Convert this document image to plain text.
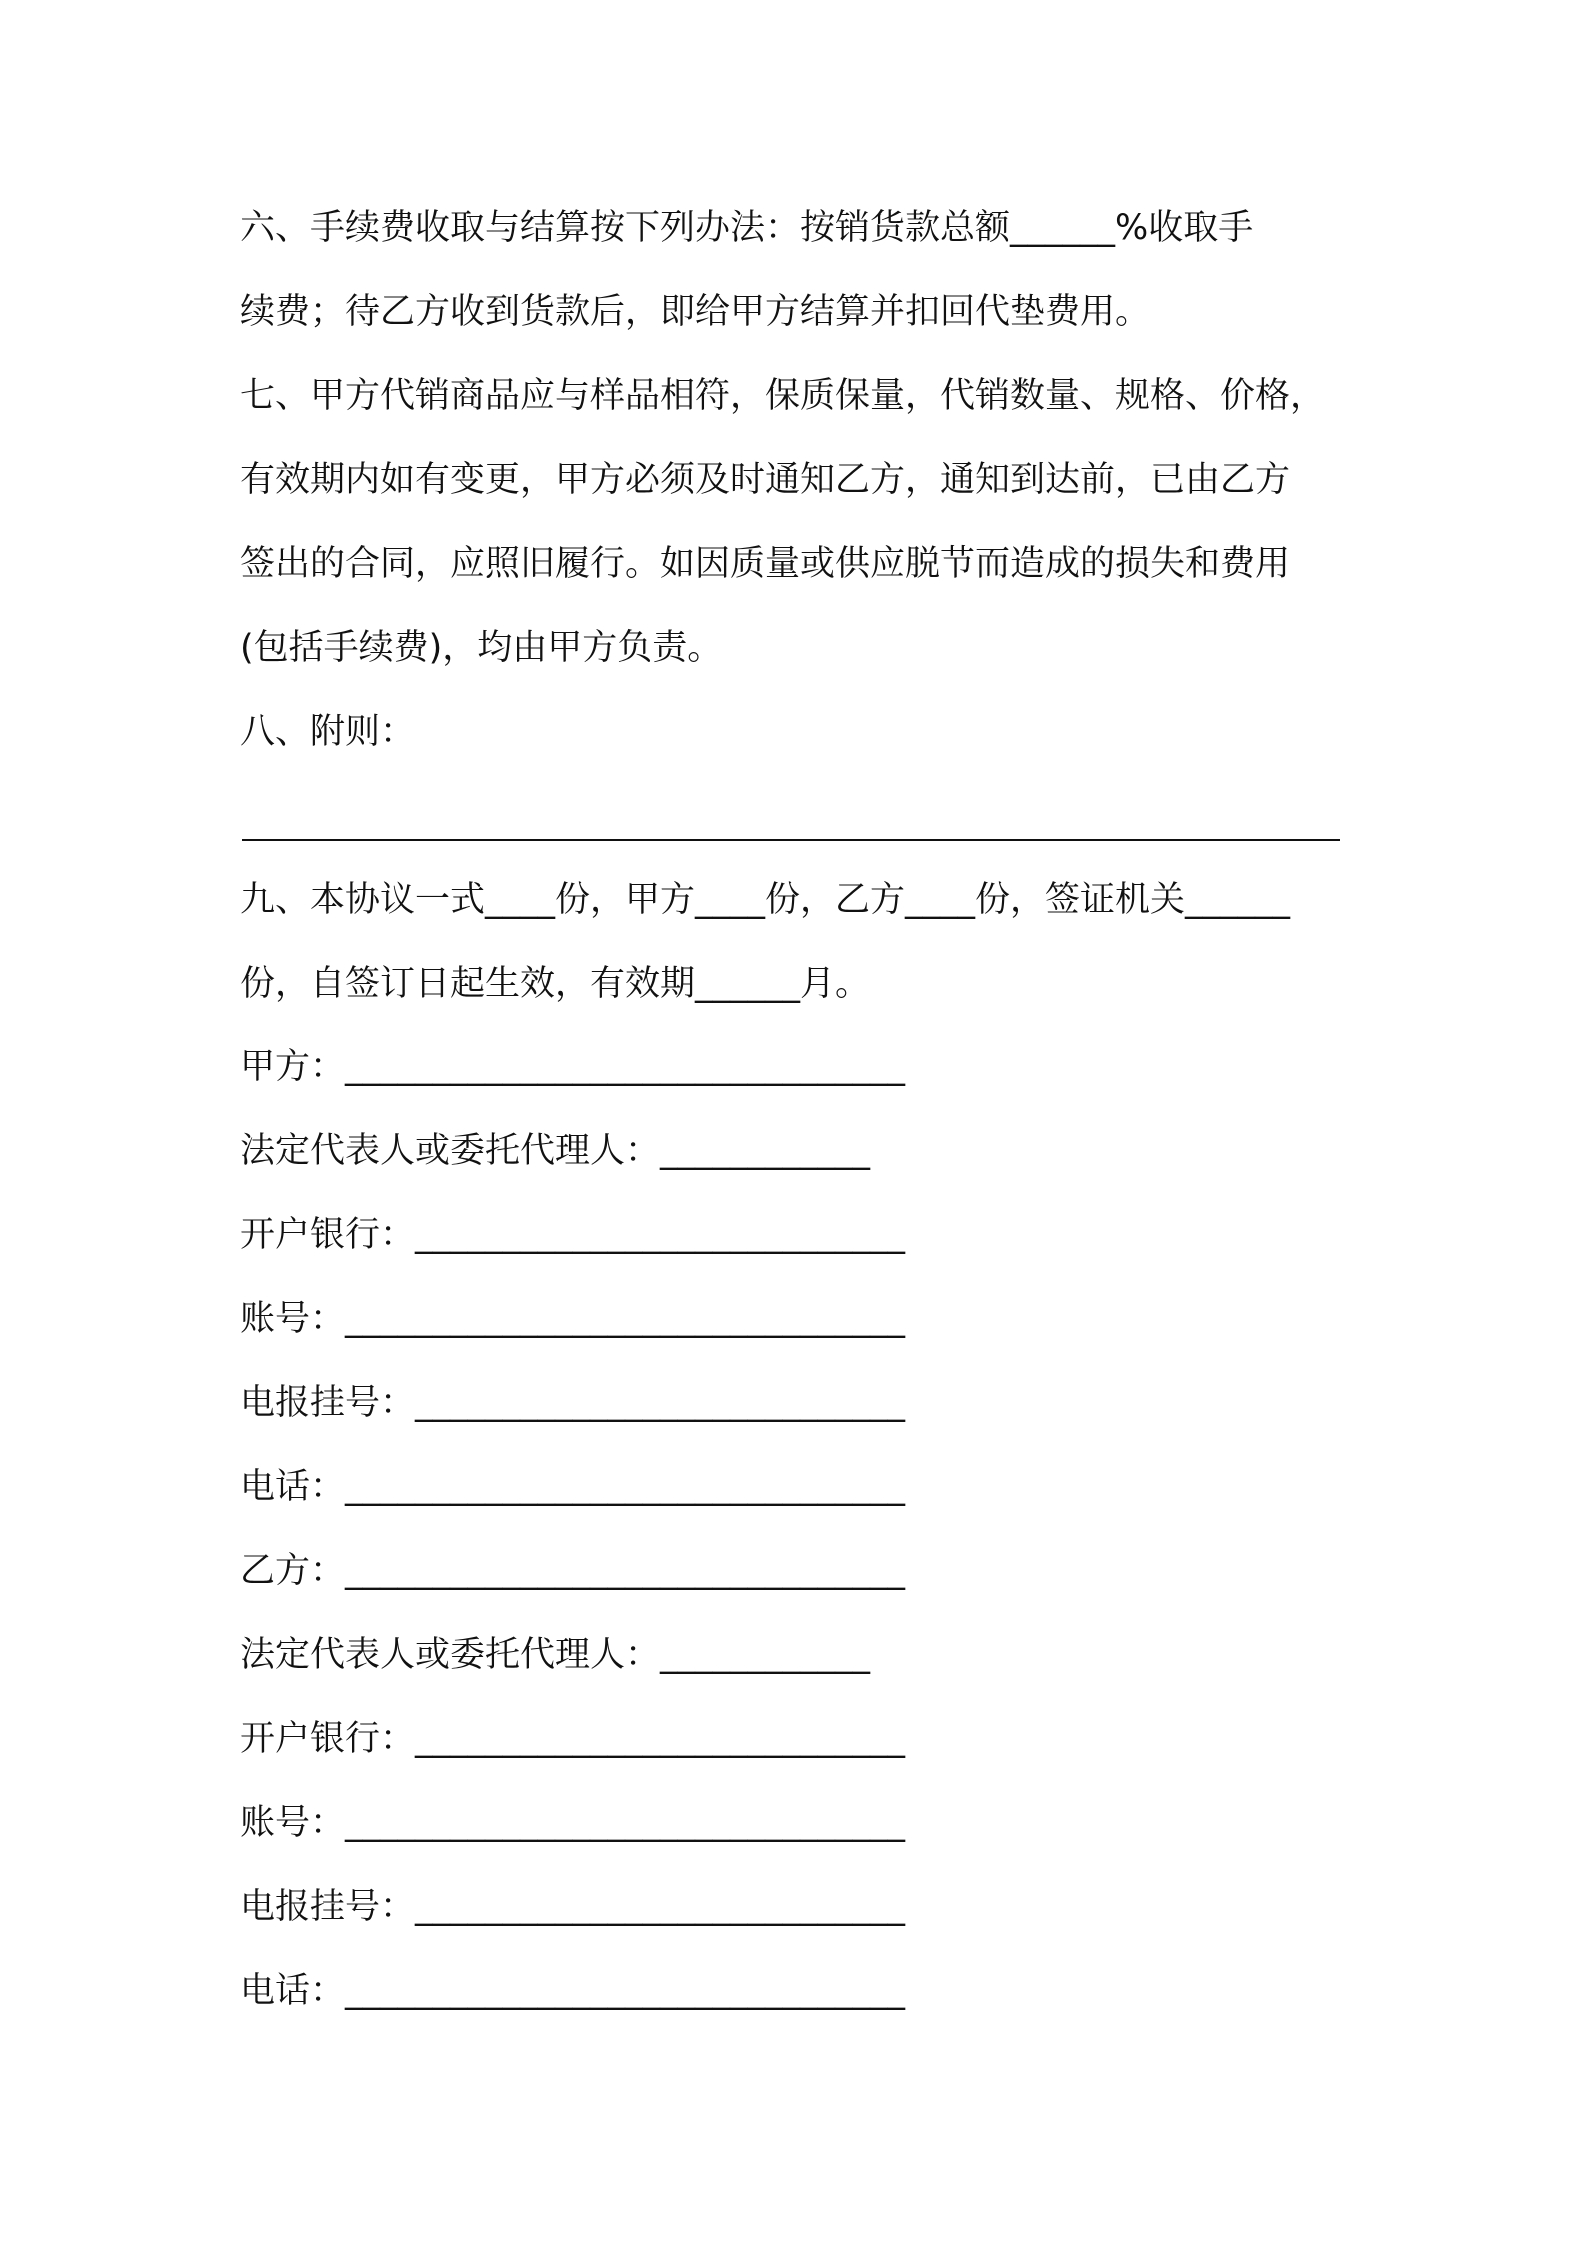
六、手续费收取与结算按下列办法：按销货款总额______%收取手
续费；待乙方收到货款后，即给甲方结算并扣回代垫费用。
七、甲方代销商品应与样品相符，保质保量，代销数量、规格、价格，
有效期内如有变更，甲方必须及时通知乙方，通知到达前，已由乙方
签出的合同，应照旧履行。如因质量或供应脱节而造成的损失和费用
(包括手续费)，均由甲方负责。
八、附则：
九、本协议一式____份，甲方____份，乙方____份，签证机关______
份，自签订日起生效，有效期______月。
甲方：________________________________
法定代表人或委托代理人：____________
开户银行：____________________________
账号：________________________________
电报挂号：____________________________
电话：________________________________
乙方：________________________________
法定代表人或委托代理人：____________
开户银行：____________________________
账号：________________________________
电报挂号：____________________________
电话：________________________________
